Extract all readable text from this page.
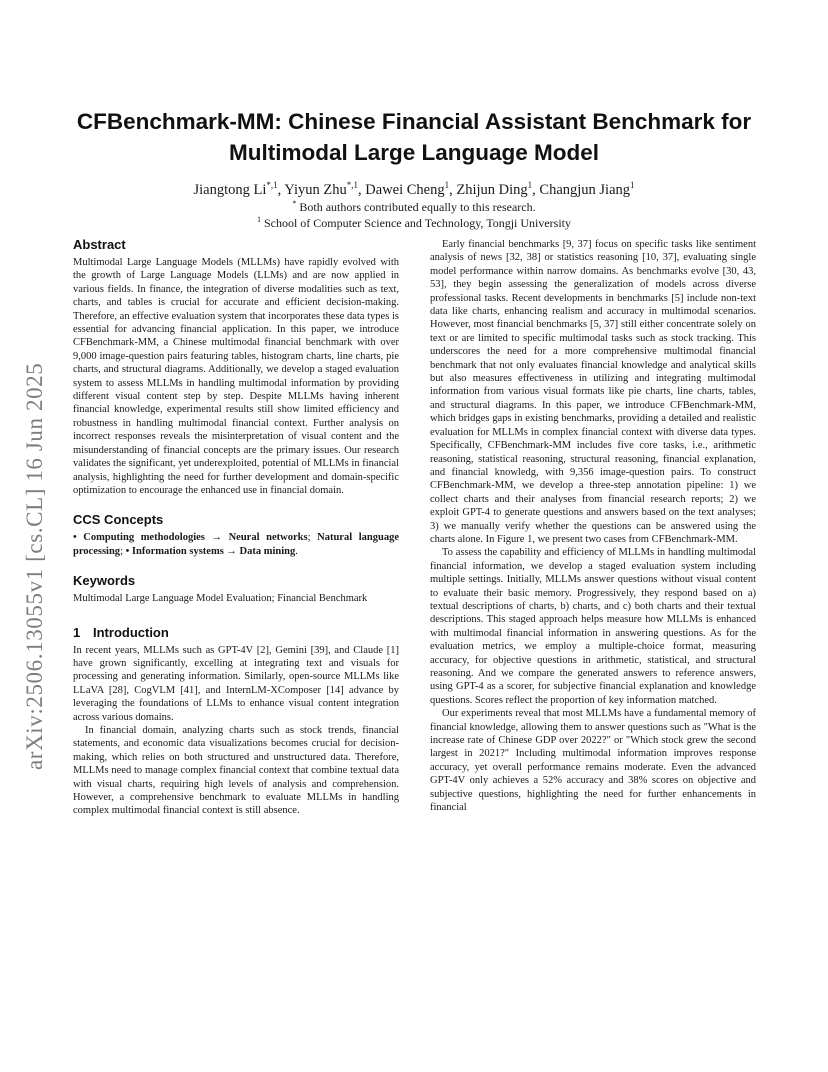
CFBenchmark-MM: Chinese Financial Assistant Benchmark for
Multimodal Large Language Model
Jiangtong $Li^{*,1}$, Yiyun Zhu$^{*,1}$, Dawei Cheng$^1$, Zhijun Ding$^1$, Changjun Jiang$^1$
* Both authors contributed equally to this research.
$^1$ School of Computer Science and Technology, Tongji University
arXiv:2506.13055v1 [cs.CL] 16 Jun 2025
Abstract

Multimodal Large Language Models (MLLMs) have rapidly evolved with the growth of Large Language Models (LLMs) and are now applied in various fields. In finance, the integration of diverse modalities such as text, charts, and tables is crucial for accurate and efficient decision-making. Therefore, an effective evaluation system that incorporates these data types is essential for advancing financial application. In this paper, we introduce CFBenchmark-MM, a Chinese multimodal financial benchmark with over 9,000 image-question pairs featuring tables, histogram charts, line charts, pie charts, and structural diagrams. Additionally, we develop a staged evaluation system to assess MLLMs in handling multimodal information by providing different visual content step by step. Despite MLLMs having inherent financial knowledge, experimental results still show limited efficiency and robustness in handling multimodal financial context. Further analysis on incorrect responses reveals the misinterpretation of visual content and the misunderstanding of financial concepts are the primary issues. Our research validates the significant, yet underexploited, potential of MLLMs in financial analysis, highlighting the need for further development and domain-specific optimization to encourage the enhanced use in financial domain.

CCS Concepts

• Computing methodologies → Neural networks; Natural language processing; • Information systems → Data mining.

Keywords

Multimodal Large Language Model Evaluation; Financial Benchmark

1 Introduction

In recent years, MLLMs such as GPT-4V [2], Gemini [39], and Claude [1] have grown significantly, excelling at integrating text and visuals for processing and generating information. Similarly, open-source MLLMs like LLaVA [28], CogVLM [41], and InternLM-XComposer [14] advance by leveraging the foundations of LLMs to enhance visual content integration across various domains.

In financial domain, analyzing charts such as stock trends, financial statements, and economic data visualizations becomes crucial for decision-making, which relies on both structured and unstructured data. Therefore, MLLMs need to manage complex financial context that combine textual data with visual charts, requiring high levels of analysis and comprehension. However, a comprehensive benchmark to evaluate MLLMs in handling complex multimodal financial context is still absence.

Early financial benchmarks [9, 37] focus on specific tasks like sentiment analysis of news [32, 38] or statistics reasoning [10, 37], evaluating single model performance within narrow domains. As benchmarks evolve [30, 43, 53], they begin assessing the generalization of models across diverse professional tasks. Recent developments in benchmarks [5] include non-text data like charts, enhancing realism and accuracy in multimodal scenarios. However, most financial benchmarks [5, 37] still either concentrate solely on text or are limited to specific multimodal tasks such as stock tracking. This underscores the need for a more comprehensive multimodal financial benchmark that not only evaluates financial knowledge and analytical skills but also measures effectiveness in utilizing and integrating multimodal information from various visual formats like pie charts, line charts, tables, and structural diagrams. In this paper, we introduce CFBenchmark-MM, which bridges gaps in existing benchmarks, providing a detailed and realistic evaluation for MLLMs in complex financial context with diverse data types. Specifically, CFBenchmark-MM includes five core tasks, i.e., arithmetic reasoning, statistical reasoning, structural reasoning, financial explanation, and financial knowledg, with 9,356 image-question pairs. To construct CFBenchmark-MM, we develop a three-step annotation pipeline: 1) we collect charts and their analyses from financial research reports; 2) we exploit GPT-4 to generate questions and answers based on the text analyses; 3) we manually verify whether the questions can be answered using the charts alone. In Figure 1, we present two cases from CFBenchmark-MM.

To assess the capability and efficiency of MLLMs in handling multimodal financial information, we develop a staged evaluation system including multiple settings. Initially, MLLMs answer questions without visual content to evaluate their basic memory. Progressively, they respond based on a) textual descriptions of charts, b) charts, and c) both charts and their textual descriptions. This staged approach helps measure how MLLMs is enhanced with multimodal financial information in answering questions. As for the evaluation metrics, we employ a multiple-choice format, measuring accuracy, for objective questions in arithmetic, statistical, and structural reasoning. And we compare the generated answers to reference answers, using GPT-4 as a scorer, for subjective financial explanation and knowledge questions. Scores reflect the proportion of key information matched.

Our experiments reveal that most MLLMs have a fundamental memory of financial knowledge, allowing them to answer questions such as "What is the increase rate of Chinese GDP over 2022?" or "Which stock grew the second largest in 2021?" Including multimodal information improves response accuracy, yet overall performance remains moderate. Even the advanced GPT-4V only achieves a 52% accuracy and 38% scores on objective and subjective questions, highlighting the need for further enhancements in financial
